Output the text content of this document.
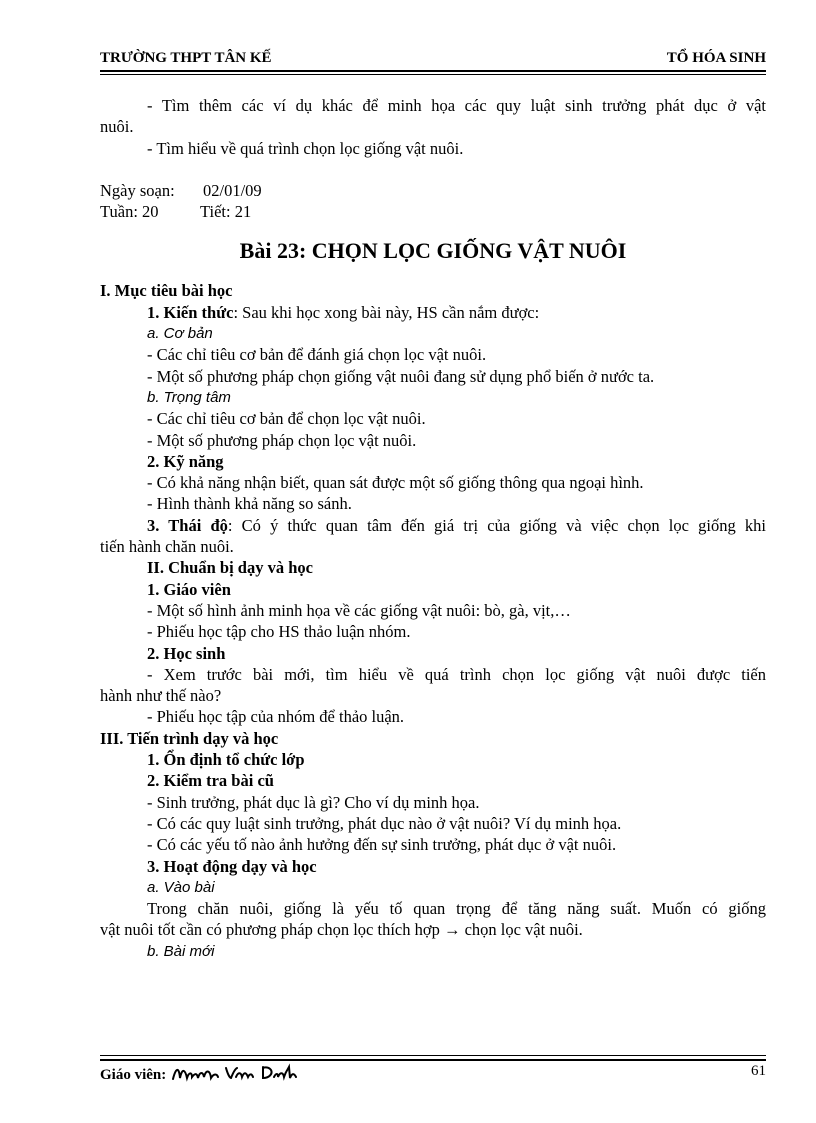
TRƯỜNG THPT TÂN KẾ	TỔ HÓA SINH
- Tìm thêm các ví dụ khác để minh họa các quy luật sinh trưởng phát dục ở vật
nuôi.
- Tìm hiểu về quá trình chọn lọc giống vật nuôi.
Ngày soạn: 02/01/09
Tuần: 20	Tiết: 21
Bài 23: CHỌN LỌC GIỐNG VẬT NUÔI
I. Mục tiêu bài học
1. Kiến thức: Sau khi học xong bài này, HS cần nắm được:
a. Cơ bản
- Các chỉ tiêu cơ bản để đánh giá chọn lọc vật nuôi.
- Một số phương pháp chọn giống vật nuôi đang sử dụng phổ biến ở nước ta.
b. Trọng tâm
- Các chỉ tiêu cơ bản để chọn lọc vật nuôi.
- Một số phương pháp chọn lọc vật nuôi.
2. Kỹ năng
- Có khả năng nhận biết, quan sát được một số giống thông qua ngoại hình.
- Hình thành khả năng so sánh.
3. Thái độ: Có ý thức quan tâm đến giá trị của giống và việc chọn lọc giống khi
tiến hành chăn nuôi.
II. Chuẩn bị dạy và học
1. Giáo viên
- Một số hình ảnh minh họa về các giống vật nuôi: bò, gà, vịt,…
- Phiếu học tập cho HS thảo luận nhóm.
2. Học sinh
- Xem trước bài mới, tìm hiểu về quá trình chọn lọc giống vật nuôi được tiến
hành như thế nào?
- Phiếu học tập của nhóm để thảo luận.
III. Tiến trình dạy và học
1. Ổn định tổ chức lớp
2. Kiểm tra bài cũ
- Sinh trưởng, phát dục là gì? Cho ví dụ minh họa.
- Có các quy luật sinh trưởng, phát dục nào ở vật nuôi? Ví dụ minh họa.
- Có các yếu tố nào ảnh hưởng đến sự sinh trưởng, phát dục ở vật nuôi.
3. Hoạt động dạy và học
a. Vào bài
Trong chăn nuôi, giống là yếu tố quan trọng để tăng năng suất. Muốn có giống
vật nuôi tốt cần có phương pháp chọn lọc thích hợp → chọn lọc vật nuôi.
b. Bài mới
Giáo viên:	61
